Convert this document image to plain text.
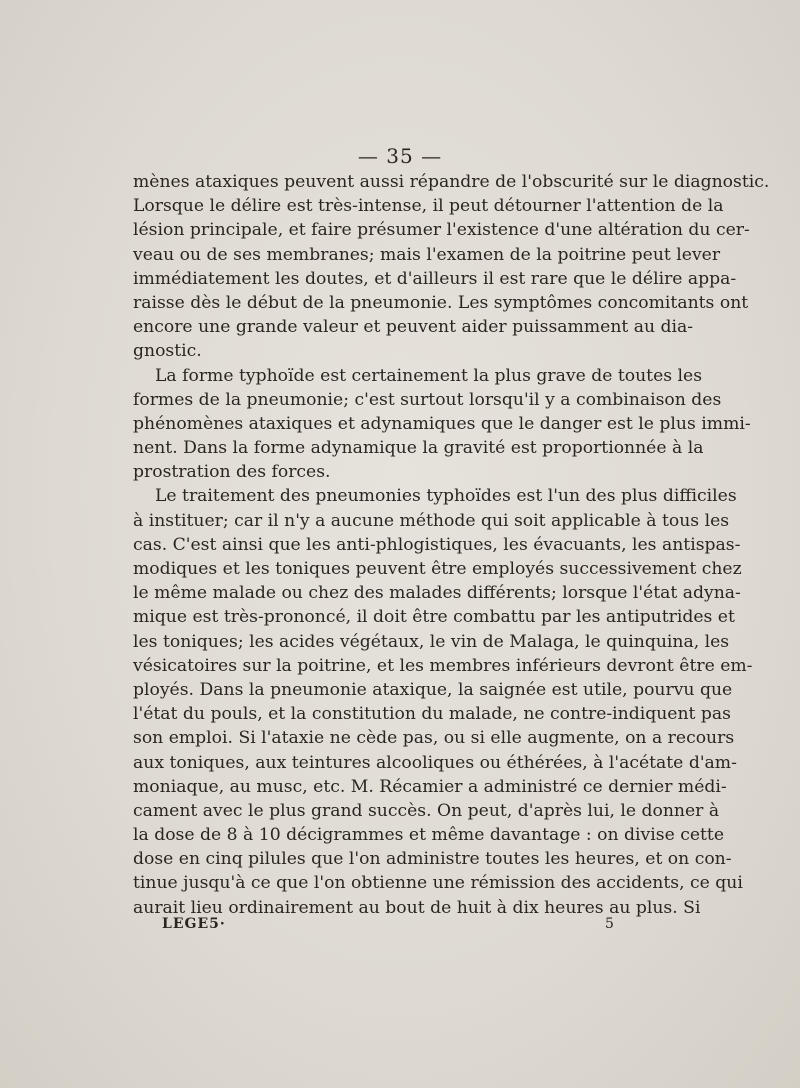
— 35 —
mènes ataxiques peuvent aussi répandre de l'obscurité sur le diagnostic.
Lorsque le délire est très-intense, il peut détourner l'attention de la
lésion principale, et faire présumer l'existence d'une altération du cer-
veau ou de ses membranes; mais l'examen de la poitrine peut lever
immédiatement les doutes, et d'ailleurs il est rare que le délire appa-
raisse dès le début de la pneumonie. Les symptômes concomitants ont
encore une grande valeur et peuvent aider puissamment au dia-
gnostic.
La forme typhoïde est certainement la plus grave de toutes les
formes de la pneumonie; c'est surtout lorsqu'il y a combinaison des
phénomènes ataxiques et adynamiques que le danger est le plus immi-
nent. Dans la forme adynamique la gravité est proportionnée à la
prostration des forces.
Le traitement des pneumonies typhoïdes est l'un des plus difficiles
à instituer; car il n'y a aucune méthode qui soit applicable à tous les
cas. C'est ainsi que les anti-phlogistiques, les évacuants, les antispas-
modiques et les toniques peuvent être employés successivement chez
le même malade ou chez des malades différents; lorsque l'état adyna-
mique est très-prononcé, il doit être combattu par les antiputrides et
les toniques; les acides végétaux, le vin de Malaga, le quinquina, les
vésicatoires sur la poitrine, et les membres inférieurs devront être em-
ployés. Dans la pneumonie ataxique, la saignée est utile, pourvu que
l'état du pouls, et la constitution du malade, ne contre-indiquent pas
son emploi. Si l'ataxie ne cède pas, ou si elle augmente, on a recours
aux toniques, aux teintures alcooliques ou éthérées, à l'acétate d'am-
moniaque, au musc, etc. M. Récamier a administré ce dernier médi-
cament avec le plus grand succès. On peut, d'après lui, le donner à
la dose de 8 à 10 décigrammes et même davantage : on divise cette
dose en cinq pilules que l'on administre toutes les heures, et on con-
tinue jusqu'à ce que l'on obtienne une rémission des accidents, ce qui
aurait lieu ordinairement au bout de huit à dix heures au plus. Si
LEGE5·	5
